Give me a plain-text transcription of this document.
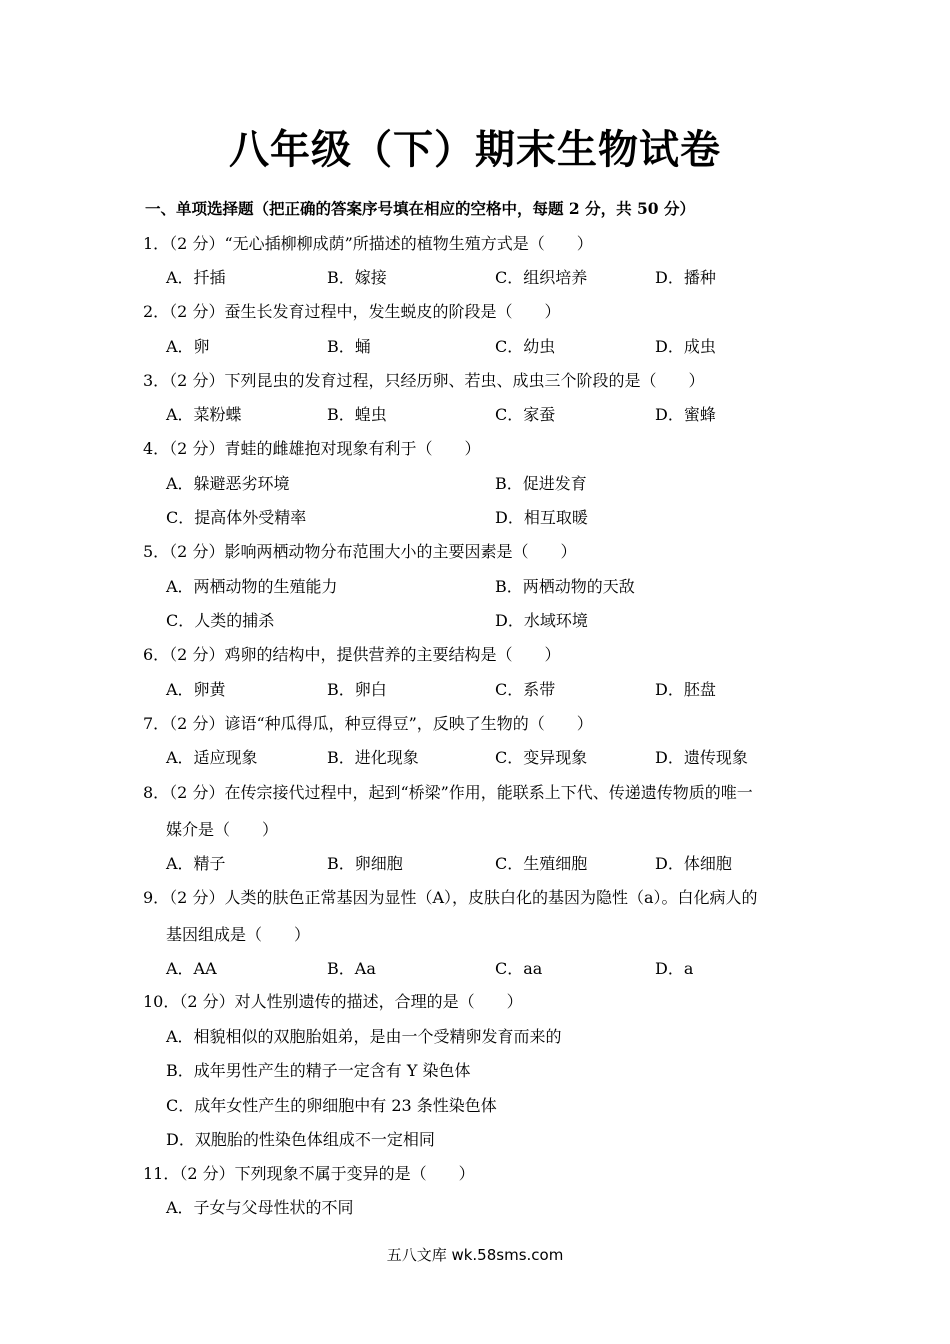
八年级（下）期末生物试卷
一、单项选择题（把正确的答案序号填在相应的空格中，每题 2 分，共 50 分）
1．（2 分）“无心插柳柳成荫”所描述的植物生殖方式是（　　）
A．扦插	B．嫁接	C．组织培养	D．播种
2．（2 分）蚕生长发育过程中，发生蜕皮的阶段是（　　）
A．卵	B．蛹	C．幼虫	D．成虫
3．（2 分）下列昆虫的发育过程，只经历卵、若虫、成虫三个阶段的是（　　）
A．菜粉蝶	B．蝗虫	C．家蚕	D．蜜蜂
4．（2 分）青蛙的雌雄抱对现象有利于（　　）
A．躲避恶劣环境	B．促进发育
C．提高体外受精率	D．相互取暖
5．（2 分）影响两栖动物分布范围大小的主要因素是（　　）
A．两栖动物的生殖能力	B．两栖动物的天敌
C．人类的捕杀	D．水域环境
6．（2 分）鸡卵的结构中，提供营养的主要结构是（　　）
A．卵黄	B．卵白	C．系带	D．胚盘
7．（2 分）谚语“种瓜得瓜，种豆得豆”，反映了生物的（　　）
A．适应现象	B．进化现象	C．变异现象	D．遗传现象
8．（2 分）在传宗接代过程中，起到“桥梁”作用，能联系上下代、传递遗传物质的唯一
媒介是（　　）
A．精子	B．卵细胞	C．生殖细胞	D．体细胞
9．（2 分）人类的肤色正常基因为显性（A），皮肤白化的基因为隐性（a）。白化病人的
基因组成是（　　）
A．AA	B．Aa	C．aa	D．a
10．（2 分）对人性别遗传的描述，合理的是（　　）
A．相貌相似的双胞胎姐弟，是由一个受精卵发育而来的
B．成年男性产生的精子一定含有 Y 染色体
C．成年女性产生的卵细胞中有 23 条性染色体
D．双胞胎的性染色体组成不一定相同
11．（2 分）下列现象不属于变异的是（　　）
A．子女与父母性状的不同
五八文库 wk.58sms.com
